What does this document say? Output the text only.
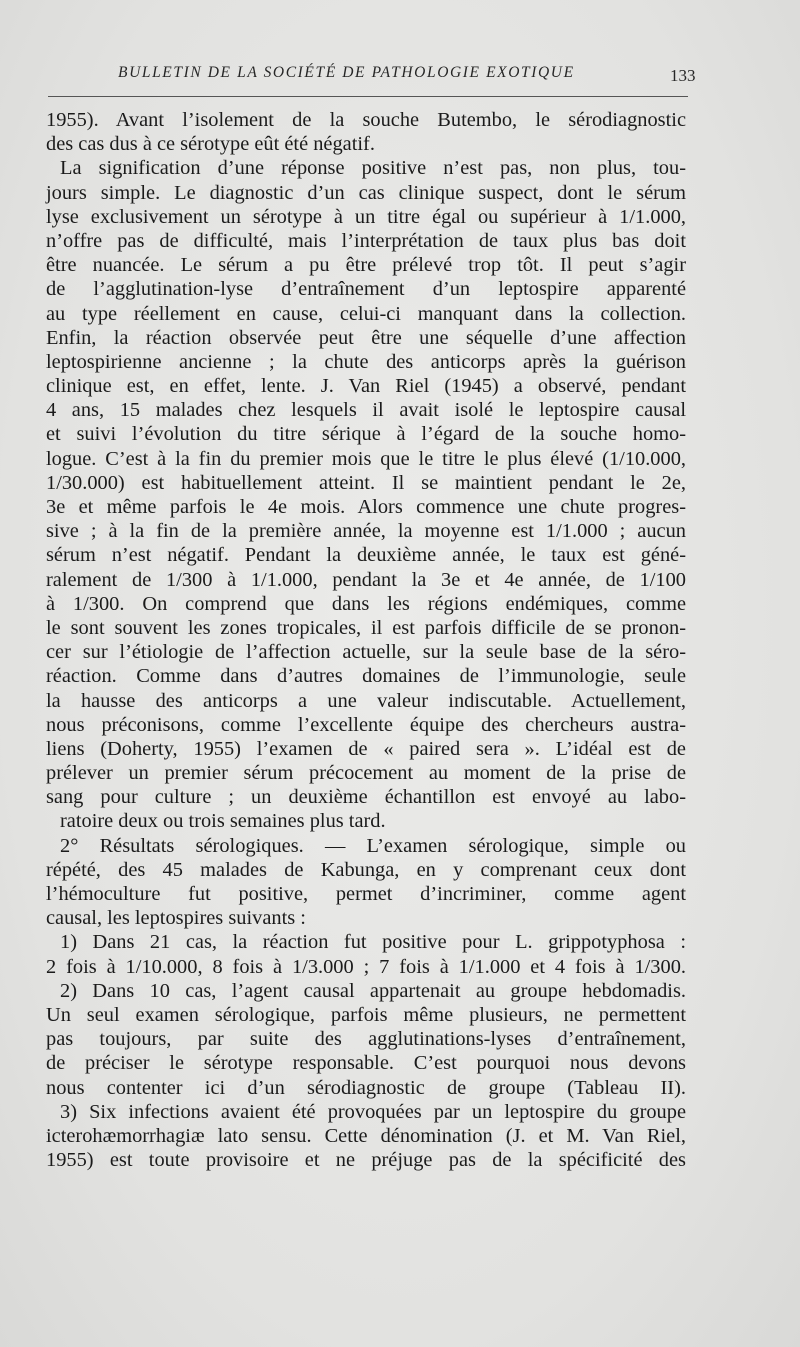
BULLETIN DE LA SOCIÉTÉ DE PATHOLOGIE EXOTIQUE	133
1955). Avant l’isolement de la souche Butembo, le sérodiagnostic
des cas dus à ce sérotype eût été négatif.
La signification d’une réponse positive n’est pas, non plus, tou-
jours simple. Le diagnostic d’un cas clinique suspect, dont le sérum
lyse exclusivement un sérotype à un titre égal ou supérieur à 1/1.000,
n’offre pas de difficulté, mais l’interprétation de taux plus bas doit
être nuancée. Le sérum a pu être prélevé trop tôt. Il peut s’agir
de l’agglutination-lyse d’entraînement d’un leptospire apparenté
au type réellement en cause, celui-ci manquant dans la collection.
Enfin, la réaction observée peut être une séquelle d’une affection
leptospirienne ancienne ; la chute des anticorps après la guérison
clinique est, en effet, lente. J. Van Riel (1945) a observé, pendant
4 ans, 15 malades chez lesquels il avait isolé le leptospire causal
et suivi l’évolution du titre sérique à l’égard de la souche homo-
logue. C’est à la fin du premier mois que le titre le plus élevé (1/10.000,
1/30.000) est habituellement atteint. Il se maintient pendant le 2e,
3e et même parfois le 4e mois. Alors commence une chute progres-
sive ; à la fin de la première année, la moyenne est 1/1.000 ; aucun
sérum n’est négatif. Pendant la deuxième année, le taux est géné-
ralement de 1/300 à 1/1.000, pendant la 3e et 4e année, de 1/100
à 1/300. On comprend que dans les régions endémiques, comme
le sont souvent les zones tropicales, il est parfois difficile de se pronon-
cer sur l’étiologie de l’affection actuelle, sur la seule base de la séro-
réaction. Comme dans d’autres domaines de l’immunologie, seule
la hausse des anticorps a une valeur indiscutable. Actuellement,
nous préconisons, comme l’excellente équipe des chercheurs austra-
liens (Doherty, 1955) l’examen de « paired sera ». L’idéal est de
prélever un premier sérum précocement au moment de la prise de
sang pour culture ; un deuxième échantillon est envoyé au labo-
ratoire deux ou trois semaines plus tard.
2° Résultats sérologiques. — L’examen sérologique, simple ou
répété, des 45 malades de Kabunga, en y comprenant ceux dont
l’hémoculture fut positive, permet d’incriminer, comme agent
causal, les leptospires suivants :
1) Dans 21 cas, la réaction fut positive pour L. grippotyphosa :
2 fois à 1/10.000, 8 fois à 1/3.000 ; 7 fois à 1/1.000 et 4 fois à 1/300.
2) Dans 10 cas, l’agent causal appartenait au groupe hebdomadis.
Un seul examen sérologique, parfois même plusieurs, ne permettent
pas toujours, par suite des agglutinations-lyses d’entraînement,
de préciser le sérotype responsable. C’est pourquoi nous devons
nous contenter ici d’un sérodiagnostic de groupe (Tableau II).
3) Six infections avaient été provoquées par un leptospire du groupe
icterohæmorrhagiæ lato sensu. Cette dénomination (J. et M. Van Riel,
1955) est toute provisoire et ne préjuge pas de la spécificité des
